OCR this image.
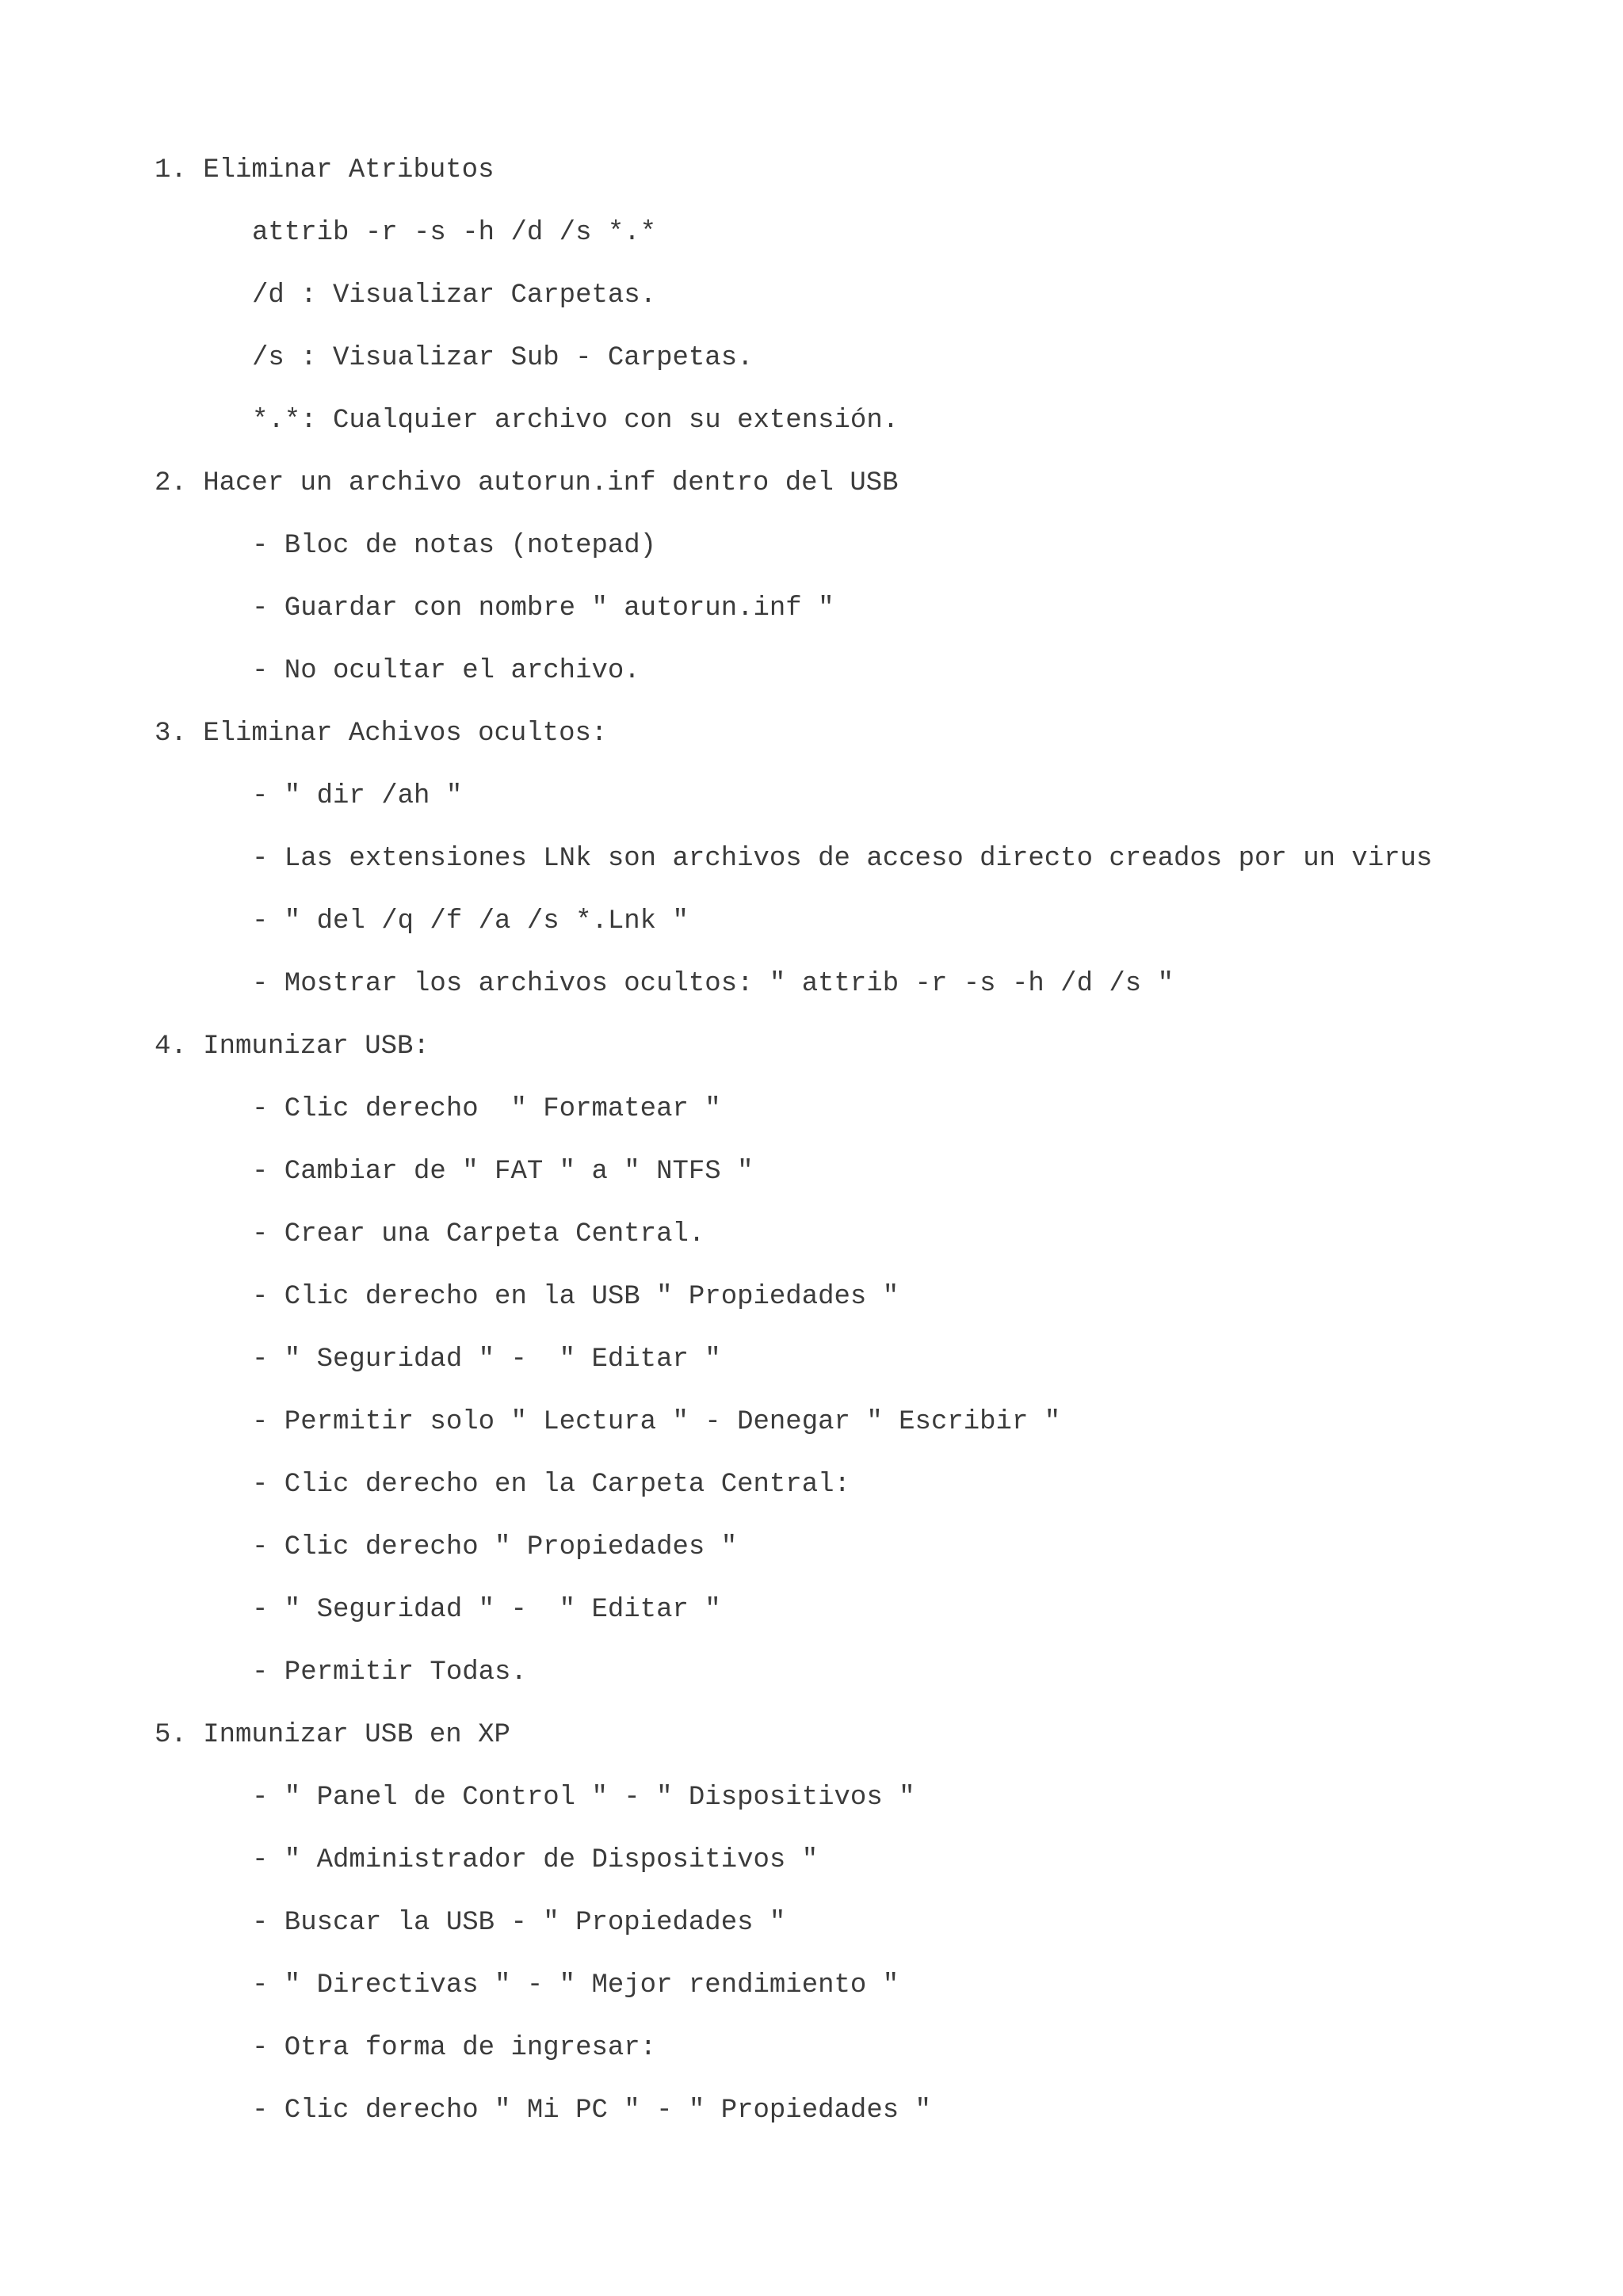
1. Eliminar Atributos

attrib -r -s -h /d /s *.*

/d : Visualizar Carpetas.

/s : Visualizar Sub - Carpetas.

*.*: Cualquier archivo con su extensión.

2. Hacer un archivo autorun.inf dentro del USB

- Bloc de notas (notepad)

- Guardar con nombre " autorun.inf "

- No ocultar el archivo.

3. Eliminar Achivos ocultos:

- " dir /ah "

- Las extensiones LNk son archivos de acceso directo creados por un virus

- " del /q /f /a /s *.Lnk "

- Mostrar los archivos ocultos: " attrib -r -s -h /d /s "

4. Inmunizar USB:

- Clic derecho  " Formatear "

- Cambiar de " FAT " a " NTFS "

- Crear una Carpeta Central.

- Clic derecho en la USB " Propiedades "

- " Seguridad " -  " Editar "

- Permitir solo " Lectura " - Denegar " Escribir "

- Clic derecho en la Carpeta Central:

- Clic derecho " Propiedades "

- " Seguridad " -  " Editar "

- Permitir Todas.

5. Inmunizar USB en XP

- " Panel de Control " - " Dispositivos "

- " Administrador de Dispositivos "

- Buscar la USB - " Propiedades "

- " Directivas " - " Mejor rendimiento "

- Otra forma de ingresar:

- Clic derecho " Mi PC " - " Propiedades "
